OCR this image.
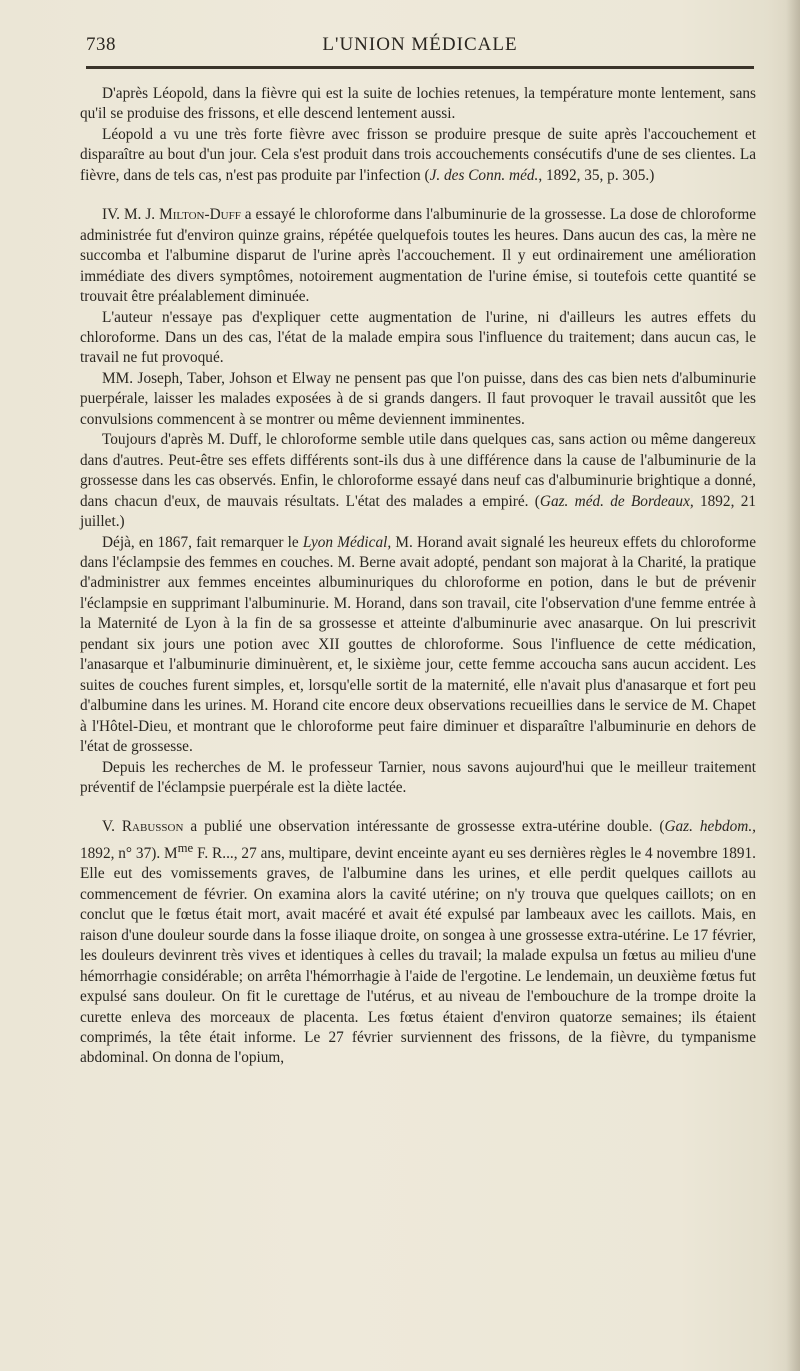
738	L'UNION MÉDICALE

D'après Léopold, dans la fièvre qui est la suite de lochies retenues, la température monte lentement, sans qu'il se produise des frissons, et elle descend lentement aussi.

Léopold a vu une très forte fièvre avec frisson se produire presque de suite après l'accouchement et disparaître au bout d'un jour. Cela s'est produit dans trois accouchements consécutifs d'une de ses clientes. La fièvre, dans de tels cas, n'est pas produite par l'infection (J. des Conn. méd., 1892, 35, p. 305.)

IV. M. J. Milton-Duff a essayé le chloroforme dans l'albuminurie de la grossesse. La dose de chloroforme administrée fut d'environ quinze grains, répétée quelquefois toutes les heures. Dans aucun des cas, la mère ne succomba et l'albumine disparut de l'urine après l'accouchement. Il y eut ordinairement une amélioration immédiate des divers symptômes, notoirement augmentation de l'urine émise, si toutefois cette quantité se trouvait être préalablement diminuée.

L'auteur n'essaye pas d'expliquer cette augmentation de l'urine, ni d'ailleurs les autres effets du chloroforme. Dans un des cas, l'état de la malade empira sous l'influence du traitement; dans aucun cas, le travail ne fut provoqué.

MM. Joseph, Taber, Johson et Elway ne pensent pas que l'on puisse, dans des cas bien nets d'albuminurie puerpérale, laisser les malades exposées à de si grands dangers. Il faut provoquer le travail aussitôt que les convulsions commencent à se montrer ou même deviennent imminentes.

Toujours d'après M. Duff, le chloroforme semble utile dans quelques cas, sans action ou même dangereux dans d'autres. Peut-être ses effets différents sont-ils dus à une différence dans la cause de l'albuminurie de la grossesse dans les cas observés. Enfin, le chloroforme essayé dans neuf cas d'albuminurie brightique a donné, dans chacun d'eux, de mauvais résultats. L'état des malades a empiré. (Gaz. méd. de Bordeaux, 1892, 21 juillet.)

Déjà, en 1867, fait remarquer le Lyon Médical, M. Horand avait signalé les heureux effets du chloroforme dans l'éclampsie des femmes en couches. M. Berne avait adopté, pendant son majorat à la Charité, la pratique d'administrer aux femmes enceintes albuminuriques du chloroforme en potion, dans le but de prévenir l'éclampsie en supprimant l'albuminurie. M. Horand, dans son travail, cite l'observation d'une femme entrée à la Maternité de Lyon à la fin de sa grossesse et atteinte d'albuminurie avec anasarque. On lui prescrivit pendant six jours une potion avec XII gouttes de chloroforme. Sous l'influence de cette médication, l'anasarque et l'albuminurie diminuèrent, et, le sixième jour, cette femme accoucha sans aucun accident. Les suites de couches furent simples, et, lorsqu'elle sortit de la maternité, elle n'avait plus d'anasarque et fort peu d'albumine dans les urines. M. Horand cite encore deux observations recueillies dans le service de M. Chapet à l'Hôtel-Dieu, et montrant que le chloroforme peut faire diminuer et disparaître l'albuminurie en dehors de l'état de grossesse.

Depuis les recherches de M. le professeur Tarnier, nous savons aujourd'hui que le meilleur traitement préventif de l'éclampsie puerpérale est la diète lactée.

V. Rabusson a publié une observation intéressante de grossesse extra-utérine double. (Gaz. hebdom., 1892, n° 37). $M^{me}$ F. R..., 27 ans, multipare, devint enceinte ayant eu ses dernières règles le 4 novembre 1891. Elle eut des vomissements graves, de l'albumine dans les urines, et elle perdit quelques caillots au commencement de février. On examina alors la cavité utérine; on n'y trouva que quelques caillots; on en conclut que le fœtus était mort, avait macéré et avait été expulsé par lambeaux avec les caillots. Mais, en raison d'une douleur sourde dans la fosse iliaque droite, on songea à une grossesse extra-utérine. Le 17 février, les douleurs devinrent très vives et identiques à celles du travail; la malade expulsa un fœtus au milieu d'une hémorrhagie considérable; on arrêta l'hémorrhagie à l'aide de l'ergotine. Le lendemain, un deuxième fœtus fut expulsé sans douleur. On fit le curettage de l'utérus, et au niveau de l'embouchure de la trompe droite la curette enleva des morceaux de placenta. Les fœtus étaient d'environ quatorze semaines; ils étaient comprimés, la tête était informe. Le 27 février surviennent des frissons, de la fièvre, du tympanisme abdominal. On donna de l'opium,
